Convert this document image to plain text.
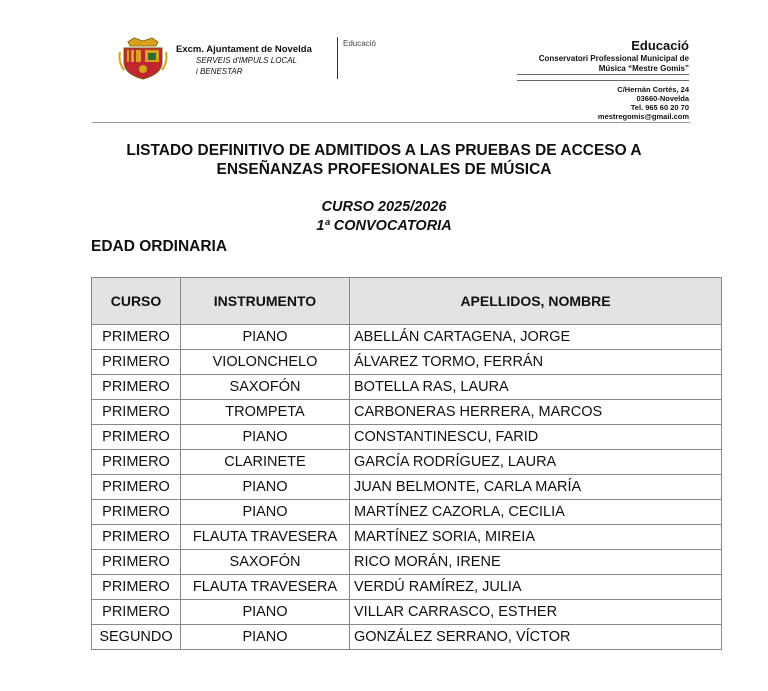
Excm. Ajuntament de Novelda
SERVEIS d'IMPULS LOCAL
i BENESTAR
Educació	Educació
Conservatori Professional Municipal de
Música “Mestre Gomis”
C/Hernán Cortés, 24
03660-Novelda
Tel. 965 60 20 70
mestregomis@gmail.com
LISTADO DEFINITIVO DE ADMITIDOS A LAS PRUEBAS DE ACCESO A
ENSEÑANZAS PROFESIONALES DE MÚSICA
CURSO 2025/2026
1ª CONVOCATORIA
EDAD ORDINARIA
CURSO	INSTRUMENTO	APELLIDOS, NOMBRE
PRIMERO	PIANO	ABELLÁN CARTAGENA, JORGE
PRIMERO	VIOLONCHELO	ÁLVAREZ TORMO, FERRÁN
PRIMERO	SAXOFÓN	BOTELLA RAS, LAURA
PRIMERO	TROMPETA	CARBONERAS HERRERA, MARCOS
PRIMERO	PIANO	CONSTANTINESCU, FARID
PRIMERO	CLARINETE	GARCÍA RODRÍGUEZ, LAURA
PRIMERO	PIANO	JUAN BELMONTE, CARLA MARÍA
PRIMERO	PIANO	MARTÍNEZ CAZORLA, CECILIA
PRIMERO	FLAUTA TRAVESERA	MARTÍNEZ SORIA, MIREIA
PRIMERO	SAXOFÓN	RICO MORÁN, IRENE
PRIMERO	FLAUTA TRAVESERA	VERDÚ RAMÍREZ, JULIA
PRIMERO	PIANO	VILLAR CARRASCO, ESTHER
SEGUNDO	PIANO	GONZÁLEZ SERRANO, VÍCTOR
